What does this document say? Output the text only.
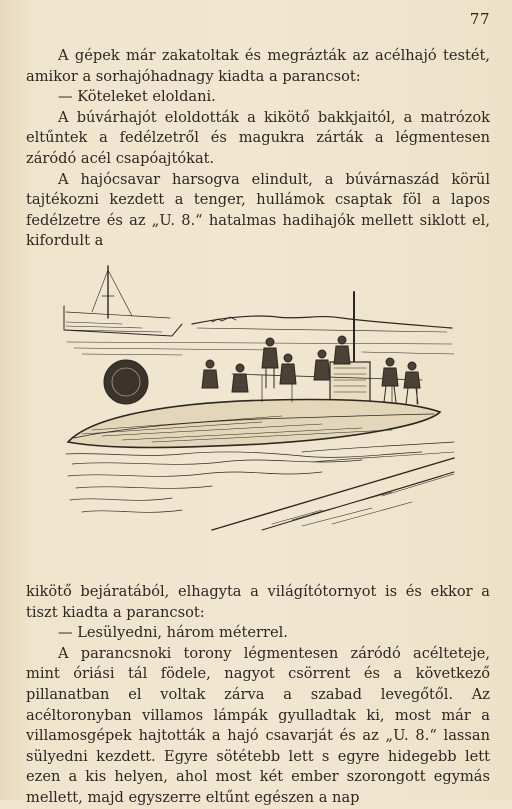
77

A gépek már zakatoltak és megrázták az acélhajó testét, amikor a sorhajóhadnagy kiadta a parancsot:

— Köteleket eloldani.

A búvárhajót eloldották a kikötő bakkjaitól, a matrózok eltűntek a fedélzetről és magukra zárták a légmentesen záródó acél csapóajtókat.

A hajócsavar harsogva elindult, a búvárnaszád körül tajtékozni kezdett a tenger, hullámok csaptak föl a lapos fedélzetre és az „U. 8.“ hatalmas hadihajók mellett siklott el, kifordult a

kikötő bejáratából, elhagyta a világítótornyot is és ekkor a tiszt kiadta a parancsot:

— Lesülyedni, három méterrel.

A parancsnoki torony légmentesen záródó acélteteje, mint óriási tál födele, nagyot csörrent és a következő pillanatban el voltak zárva a szabad levegőtől. Az acéltoronyban villamos lámpák gyulladtak ki, most már a villamosgépek hajtották a hajó csavarját és az „U. 8.“ lassan sülyedni kezdett. Egyre sötétebb lett s egyre hidegebb lett ezen a kis helyen, ahol most két ember szorongott egymás mellett, majd egyszerre eltűnt egészen a nap
